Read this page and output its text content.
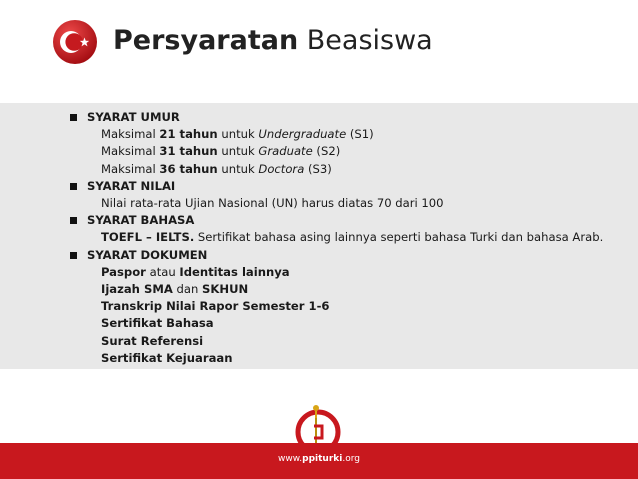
Persyaratan Beasiswa
SYARAT UMUR
Maksimal 21 tahun untuk Undergraduate (S1)
Maksimal 31 tahun untuk Graduate (S2)
Maksimal 36 tahun untuk Doctora (S3)
SYARAT NILAI
Nilai rata-rata Ujian Nasional (UN) harus diatas 70 dari 100
SYARAT BAHASA
TOEFL – IELTS. Sertifikat bahasa asing lainnya seperti bahasa Turki dan bahasa Arab.
SYARAT DOKUMEN
Paspor atau Identitas lainnya
Ijazah SMA dan SKHUN
Transkrip Nilai Rapor Semester 1-6
Sertifikat Bahasa
Surat Referensi
Sertifikat Kejuaraan
www.ppiturki.org
